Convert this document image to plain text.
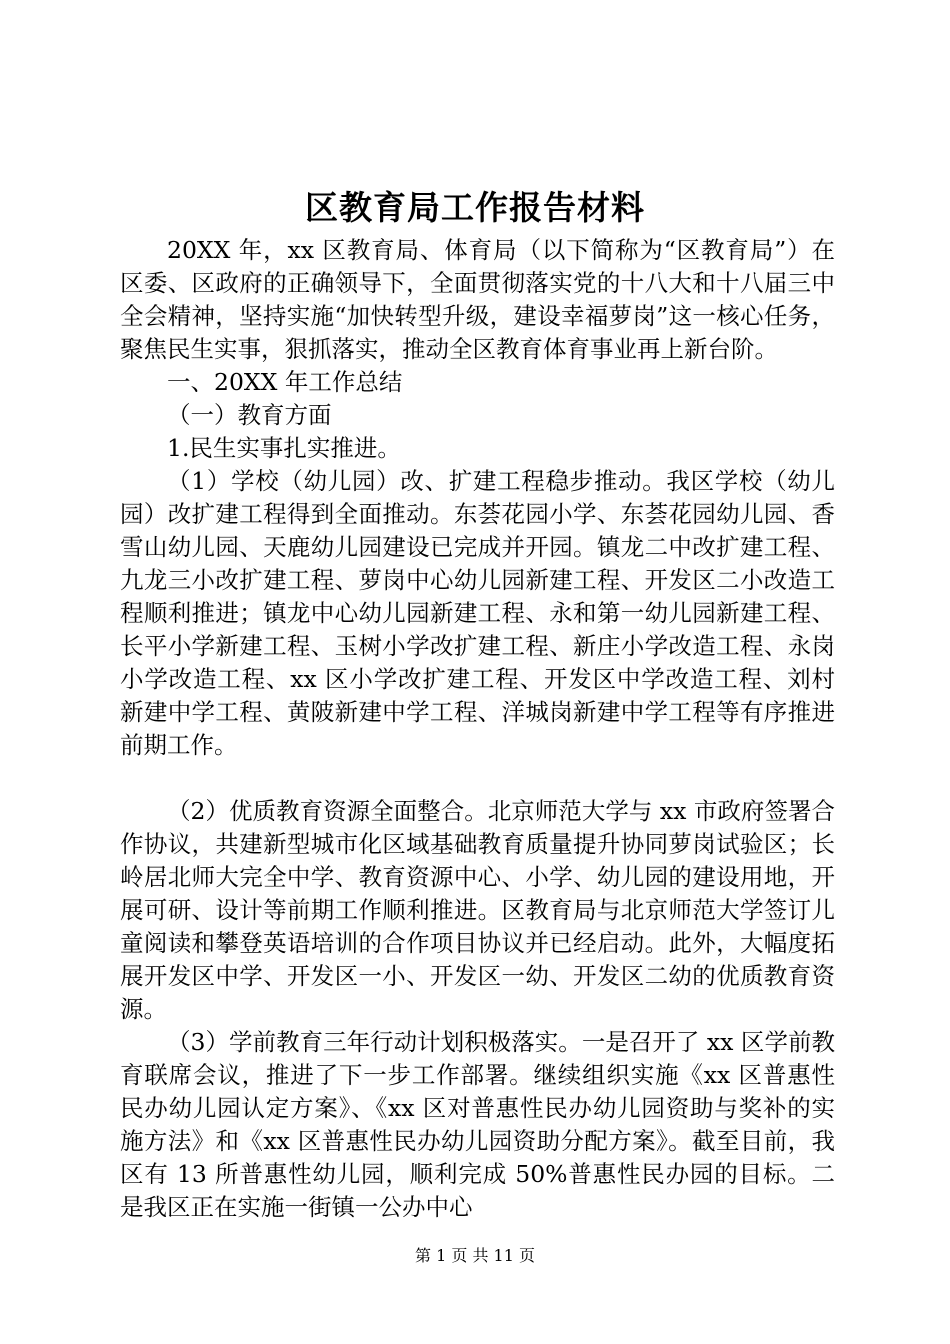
区教育局工作报告材料

20XX 年，xx 区教育局、体育局（以下简称为“区教育局”）在区委、区政府的正确领导下，全面贯彻落实党的十八大和十八届三中全会精神，坚持实施“加快转型升级，建设幸福萝岗”这一核心任务，聚焦民生实事，狠抓落实，推动全区教育体育事业再上新台阶。

一、20XX 年工作总结

（一）教育方面

1.民生实事扎实推进。

（1）学校（幼儿园）改、扩建工程稳步推动。我区学校（幼儿园）改扩建工程得到全面推动。东荟花园小学、东荟花园幼儿园、香雪山幼儿园、天鹿幼儿园建设已完成并开园。镇龙二中改扩建工程、九龙三小改扩建工程、萝岗中心幼儿园新建工程、开发区二小改造工程顺利推进；镇龙中心幼儿园新建工程、永和第一幼儿园新建工程、长平小学新建工程、玉树小学改扩建工程、新庄小学改造工程、永岗小学改造工程、xx 区小学改扩建工程、开发区中学改造工程、刘村新建中学工程、黄陂新建中学工程、洋城岗新建中学工程等有序推进前期工作。

（2）优质教育资源全面整合。北京师范大学与 xx 市政府签署合作协议，共建新型城市化区域基础教育质量提升协同萝岗试验区；长岭居北师大完全中学、教育资源中心、小学、幼儿园的建设用地，开展可研、设计等前期工作顺利推进。区教育局与北京师范大学签订儿童阅读和攀登英语培训的合作项目协议并已经启动。此外，大幅度拓展开发区中学、开发区一小、开发区一幼、开发区二幼的优质教育资源。

（3）学前教育三年行动计划积极落实。一是召开了 xx 区学前教育联席会议，推进了下一步工作部署。继续组织实施《xx 区普惠性民办幼儿园认定方案》、《xx 区对普惠性民办幼儿园资助与奖补的实施方法》和《xx 区普惠性民办幼儿园资助分配方案》。截至目前，我区有 13 所普惠性幼儿园，顺利完成 50%普惠性民办园的目标。二是我区正在实施一街镇一公办中心

第 1 页 共 11 页
